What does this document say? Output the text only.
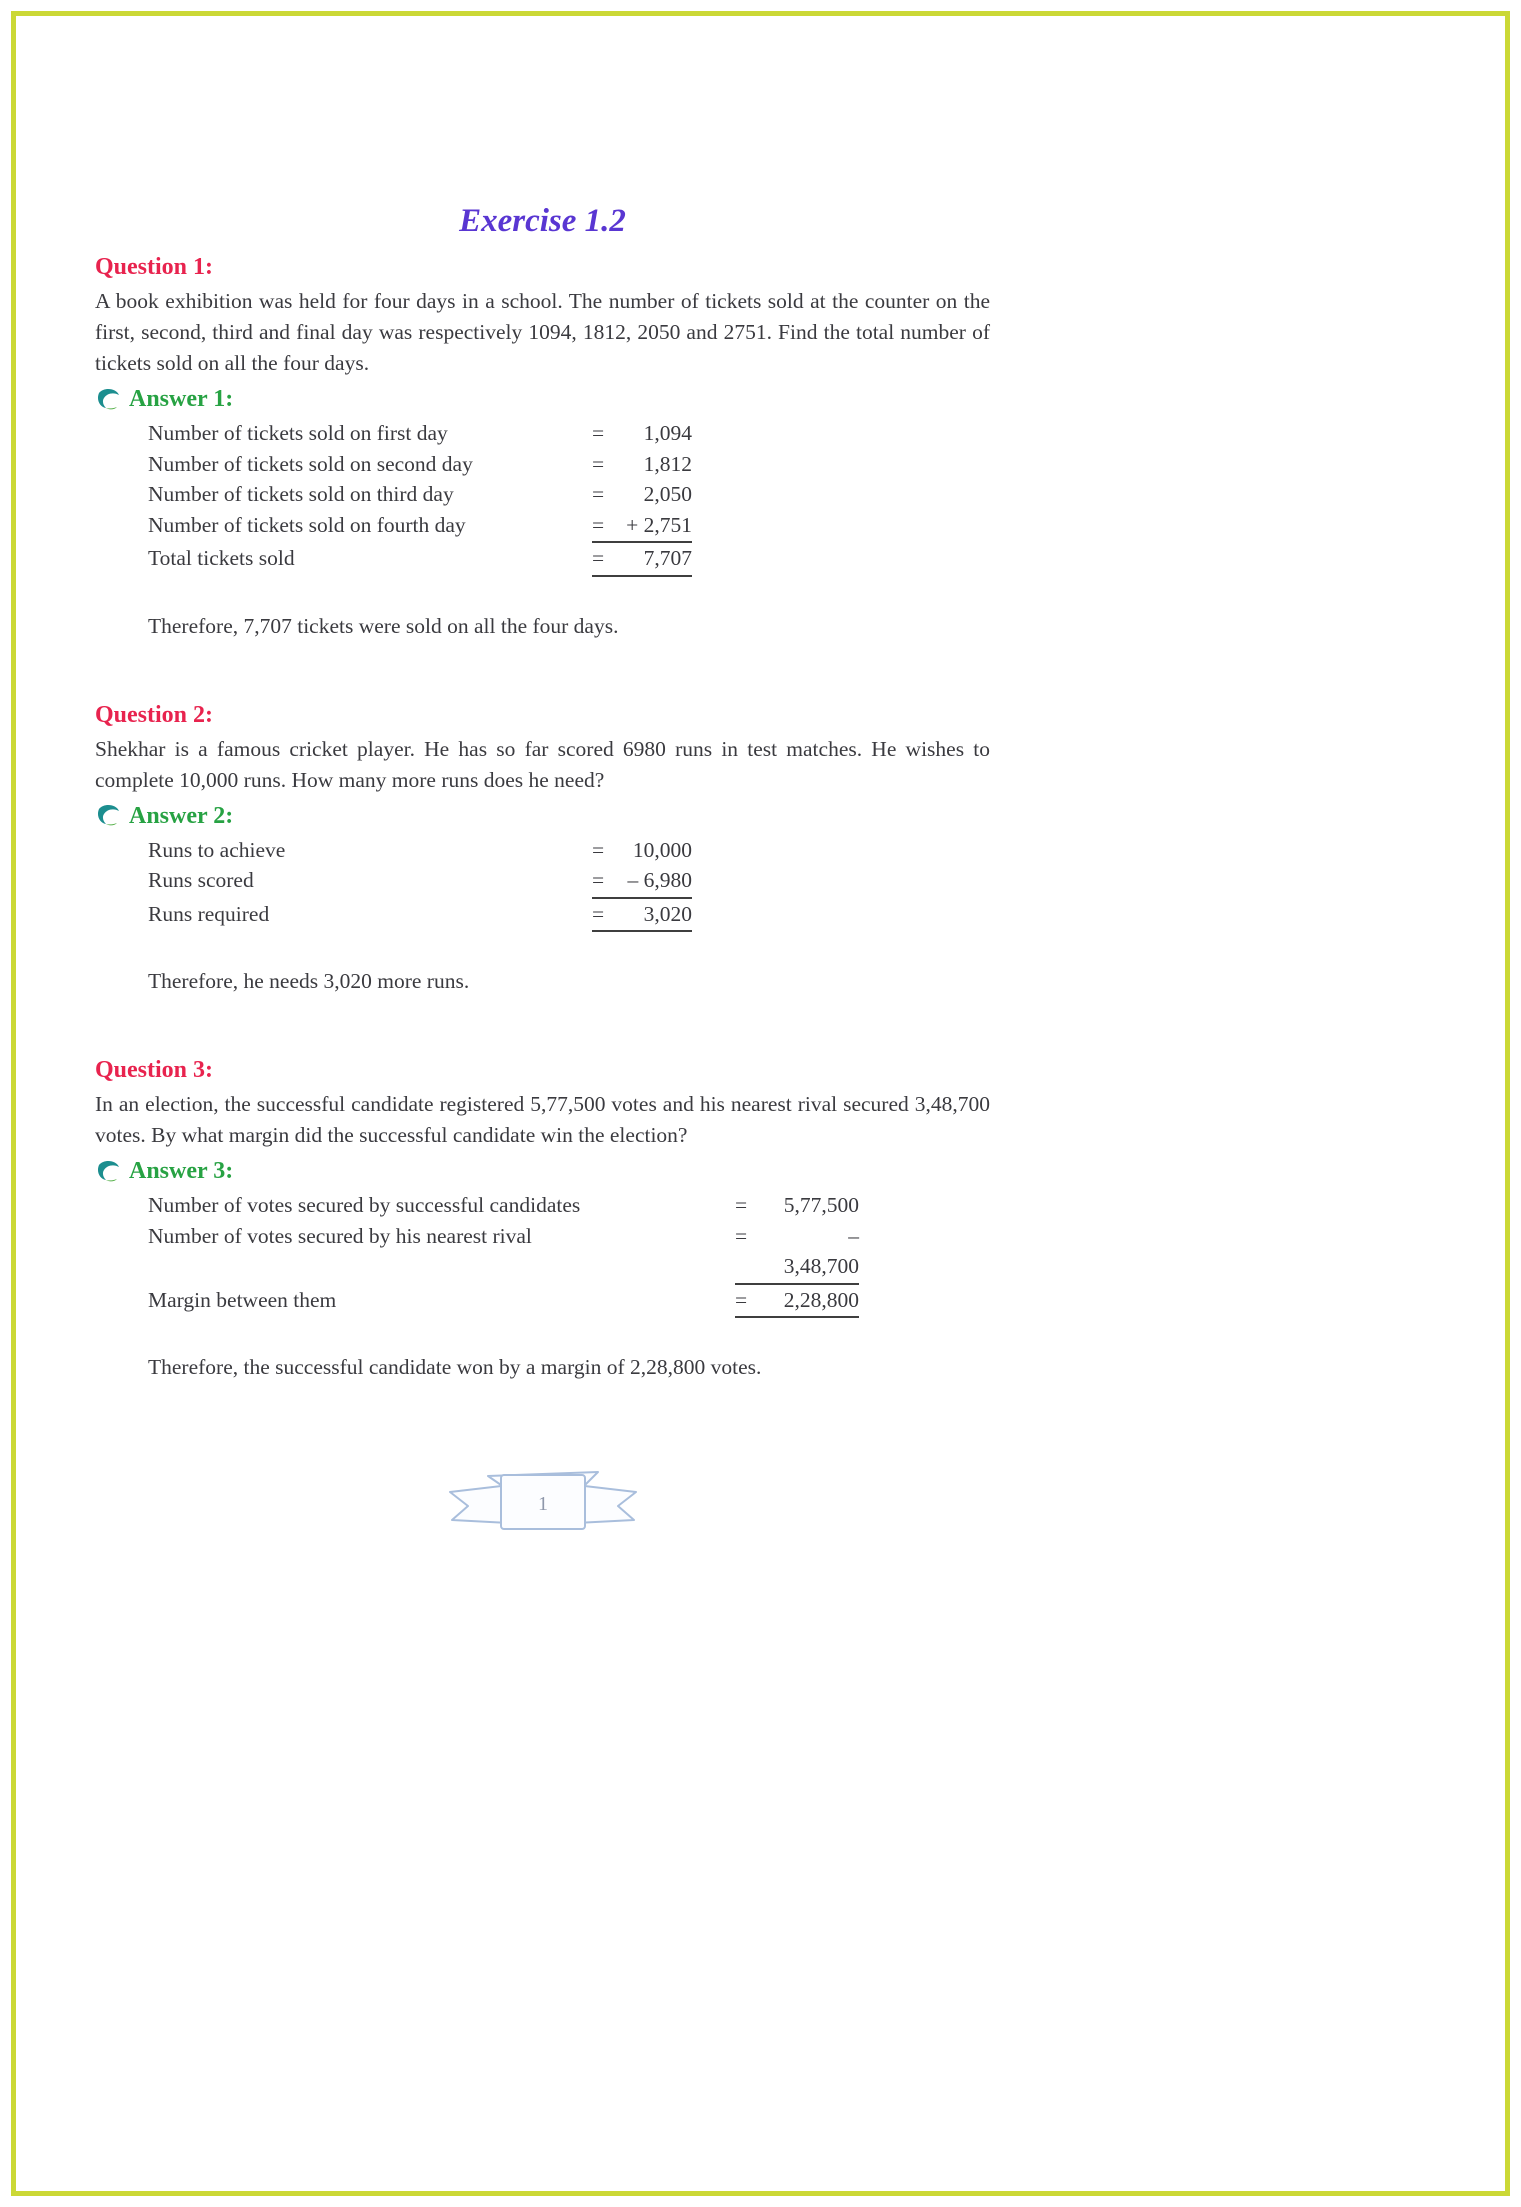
Exercise 1.2
Question 1:

A book exhibition was held for four days in a school. The number of tickets sold at the counter on the first, second, third and final day was respectively 1094, 1812, 2050 and 2751. Find the total number of tickets sold on all the four days.

Answer 1:
Number of tickets sold on first day	=	1,094
Number of tickets sold on second day	=	1,812
Number of tickets sold on third day	=	2,050
Number of tickets sold on fourth day	=	+ 2,751
Total tickets sold	=	7,707

Therefore, 7,707 tickets were sold on all the four days.

Question 2:

Shekhar is a famous cricket player. He has so far scored 6980 runs in test matches. He wishes to complete 10,000 runs. How many more runs does he need?

Answer 2:
Runs to achieve	=	10,000
Runs scored	=	– 6,980
Runs required	=	3,020

Therefore, he needs 3,020 more runs.

Question 3:

In an election, the successful candidate registered 5,77,500 votes and his nearest rival secured 3,48,700 votes. By what margin did the successful candidate win the election?

Answer 3:
Number of votes secured by successful candidates	=	5,77,500
Number of votes secured by his nearest rival	=	– 3,48,700
Margin between them	=	2,28,800

Therefore, the successful candidate won by a margin of 2,28,800 votes.

1
